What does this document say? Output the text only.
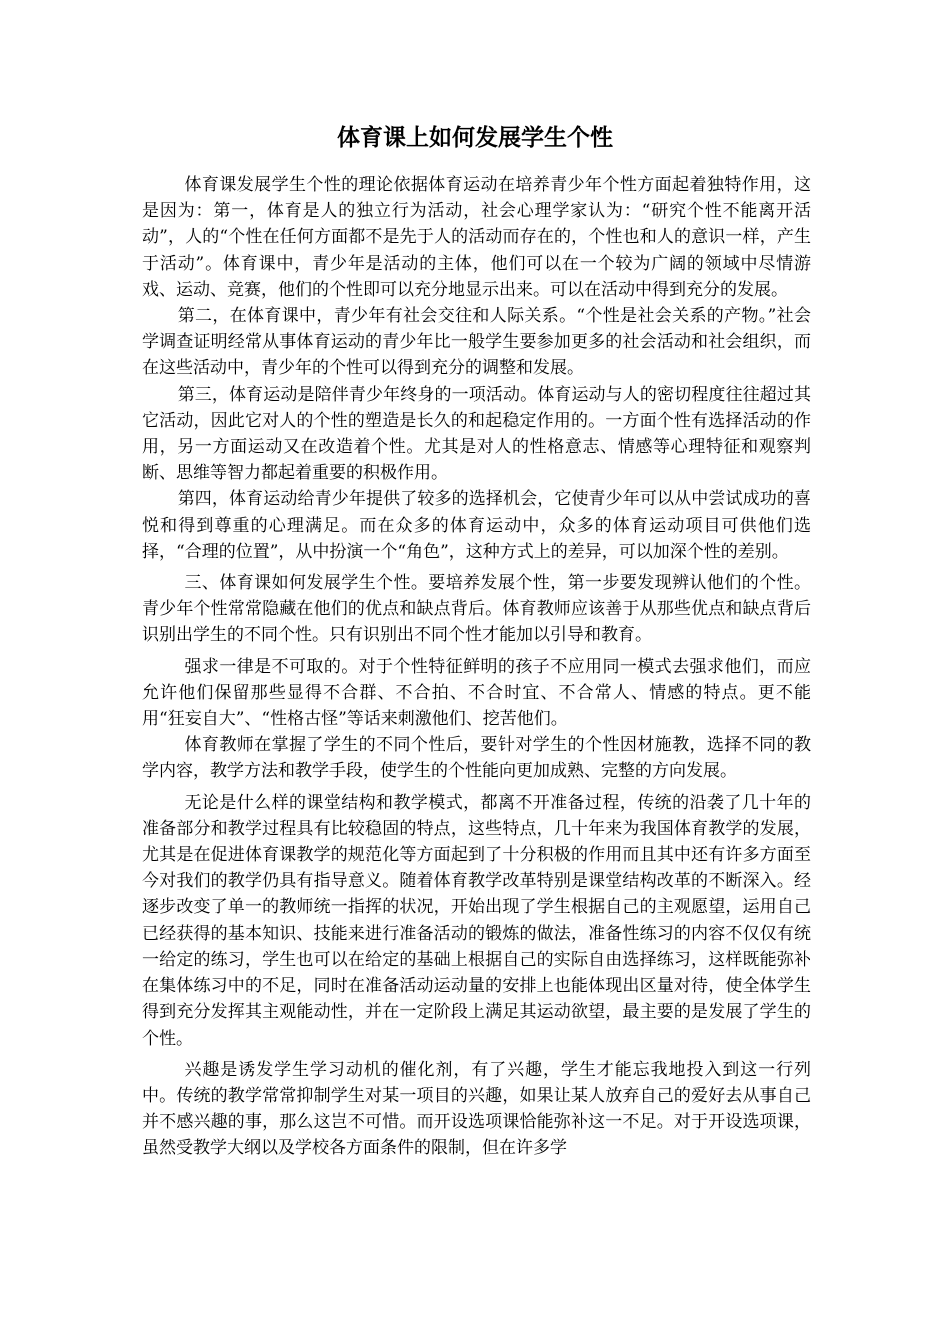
体育课上如何发展学生个性

体育课发展学生个性的理论依据体育运动在培养青少年个性方面起着独特作用，这是因为：第一，体育是人的独立行为活动，社会心理学家认为：“研究个性不能离开活动”，人的“个性在任何方面都不是先于人的活动而存在的，个性也和人的意识一样，产生于活动”。体育课中，青少年是活动的主体，他们可以在一个较为广阔的领域中尽情游戏、运动、竞赛，他们的个性即可以充分地显示出来。可以在活动中得到充分的发展。

第二，在体育课中，青少年有社会交往和人际关系。“个性是社会关系的产物。”社会学调查证明经常从事体育运动的青少年比一般学生要参加更多的社会活动和社会组织，而在这些活动中，青少年的个性可以得到充分的调整和发展。

第三，体育运动是陪伴青少年终身的一项活动。体育运动与人的密切程度往往超过其它活动，因此它对人的个性的塑造是长久的和起稳定作用的。一方面个性有选择活动的作用，另一方面运动又在改造着个性。尤其是对人的性格意志、情感等心理特征和观察判断、思维等智力都起着重要的积极作用。

第四，体育运动给青少年提供了较多的选择机会，它使青少年可以从中尝试成功的喜悦和得到尊重的心理满足。而在众多的体育运动中，众多的体育运动项目可供他们选择，“合理的位置”，从中扮演一个“角色”，这种方式上的差异，可以加深个性的差别。

三、体育课如何发展学生个性。要培养发展个性，第一步要发现辨认他们的个性。青少年个性常常隐藏在他们的优点和缺点背后。体育教师应该善于从那些优点和缺点背后识别出学生的不同个性。只有识别出不同个性才能加以引导和教育。

强求一律是不可取的。对于个性特征鲜明的孩子不应用同一模式去强求他们，而应允许他们保留那些显得不合群、不合拍、不合时宜、不合常人、情感的特点。更不能用“狂妄自大”、“性格古怪”等话来刺激他们、挖苦他们。

体育教师在掌握了学生的不同个性后，要针对学生的个性因材施教，选择不同的教学内容，教学方法和教学手段，使学生的个性能向更加成熟、完整的方向发展。

无论是什么样的课堂结构和教学模式，都离不开准备过程，传统的沿袭了几十年的准备部分和教学过程具有比较稳固的特点，这些特点，几十年来为我国体育教学的发展，尤其是在促进体育课教学的规范化等方面起到了十分积极的作用而且其中还有许多方面至今对我们的教学仍具有指导意义。随着体育教学改革特别是课堂结构改革的不断深入。经逐步改变了单一的教师统一指挥的状况，开始出现了学生根据自己的主观愿望，运用自己已经获得的基本知识、技能来进行准备活动的锻炼的做法，准备性练习的内容不仅仅有统一给定的练习，学生也可以在给定的基础上根据自己的实际自由选择练习，这样既能弥补在集体练习中的不足，同时在准备活动运动量的安排上也能体现出区量对待，使全体学生得到充分发挥其主观能动性，并在一定阶段上满足其运动欲望，最主要的是发展了学生的个性。

兴趣是诱发学生学习动机的催化剂，有了兴趣，学生才能忘我地投入到这一行列中。传统的教学常常抑制学生对某一项目的兴趣，如果让某人放弃自己的爱好去从事自己并不感兴趣的事，那么这岂不可惜。而开设选项课恰能弥补这一不足。对于开设选项课，虽然受教学大纲以及学校各方面条件的限制，但在许多学
